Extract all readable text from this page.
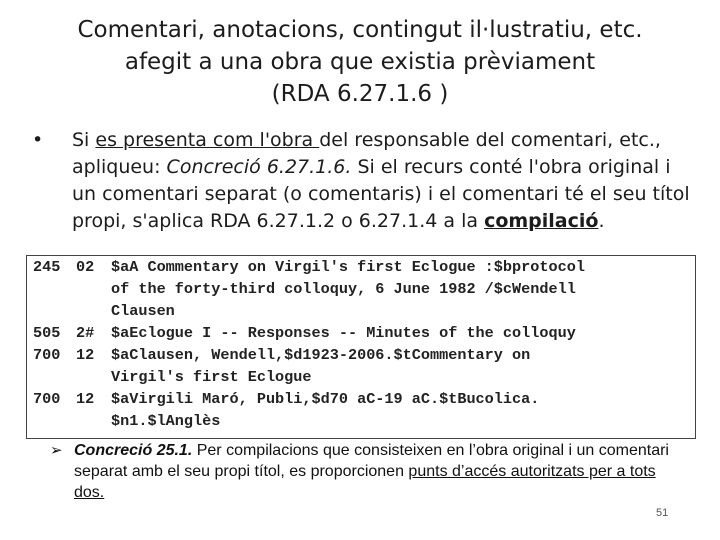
Comentari, anotacions, contingut il·lustratiu, etc.
afegit a una obra que existia prèviament
(RDA 6.27.1.6 )
• Si es presenta com l'obra del responsable del comentari, etc., apliqueu: Concreció 6.27.1.6. Si el recurs conté l'obra original i un comentari separat (o comentaris) i el comentari té el seu títol propi, s'aplica RDA 6.27.1.2 o 6.27.1.4 a la compilació.
245 02 $aA Commentary on Virgil's first Eclogue :$bprotocol
of the forty-third colloquy, 6 June 1982 /$cWendell
Clausen
505 2# $aEclogue I -- Responses -- Minutes of the colloquy
700 12 $aClausen, Wendell,$d1923-2006.$tCommentary on
Virgil's first Eclogue
700 12 $aVirgili Maró, Publi,$d70 aC-19 aC.$tBucolica.
$n1.$lAnglès
➢ Concreció 25.1. Per compilacions que consisteixen en l’obra original i un comentari separat amb el seu propi títol, es proporcionen punts d’accés autoritzats per a tots dos.
51
